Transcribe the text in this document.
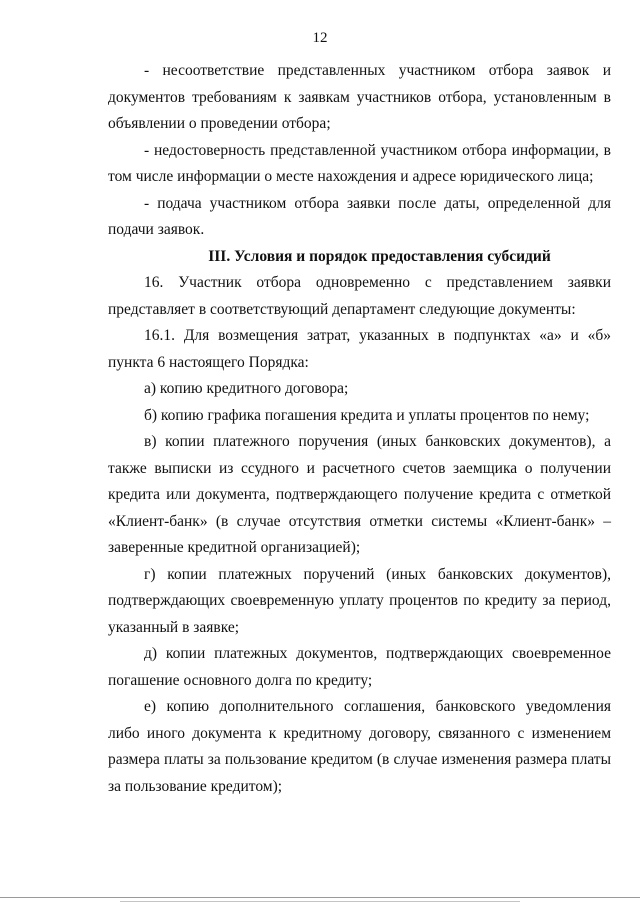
12

- несоответствие представленных участником отбора заявок и документов требованиям к заявкам участников отбора, установленным в объявлении о проведении отбора;

- недостоверность представленной участником отбора информации, в том числе информации о месте нахождения и адресе юридического лица;

- подача участником отбора заявки после даты, определенной для подачи заявок.

III. Условия и порядок предоставления субсидий

16. Участник отбора одновременно с представлением заявки представляет в соответствующий департамент следующие документы:

16.1. Для возмещения затрат, указанных в подпунктах «а» и «б» пункта 6 настоящего Порядка:

а) копию кредитного договора;

б) копию графика погашения кредита и уплаты процентов по нему;

в) копии платежного поручения (иных банковских документов), а также выписки из ссудного и расчетного счетов заемщика о получении кредита или документа, подтверждающего получение кредита с отметкой «Клиент-банк» (в случае отсутствия отметки системы «Клиент-банк» – заверенные кредитной организацией);

г) копии платежных поручений (иных банковских документов), подтверждающих своевременную уплату процентов по кредиту за период, указанный в заявке;

д) копии платежных документов, подтверждающих своевременное погашение основного долга по кредиту;

е) копию дополнительного соглашения, банковского уведомления либо иного документа к кредитному договору, связанного с изменением размера платы за пользование кредитом (в случае изменения размера платы за пользование кредитом);
